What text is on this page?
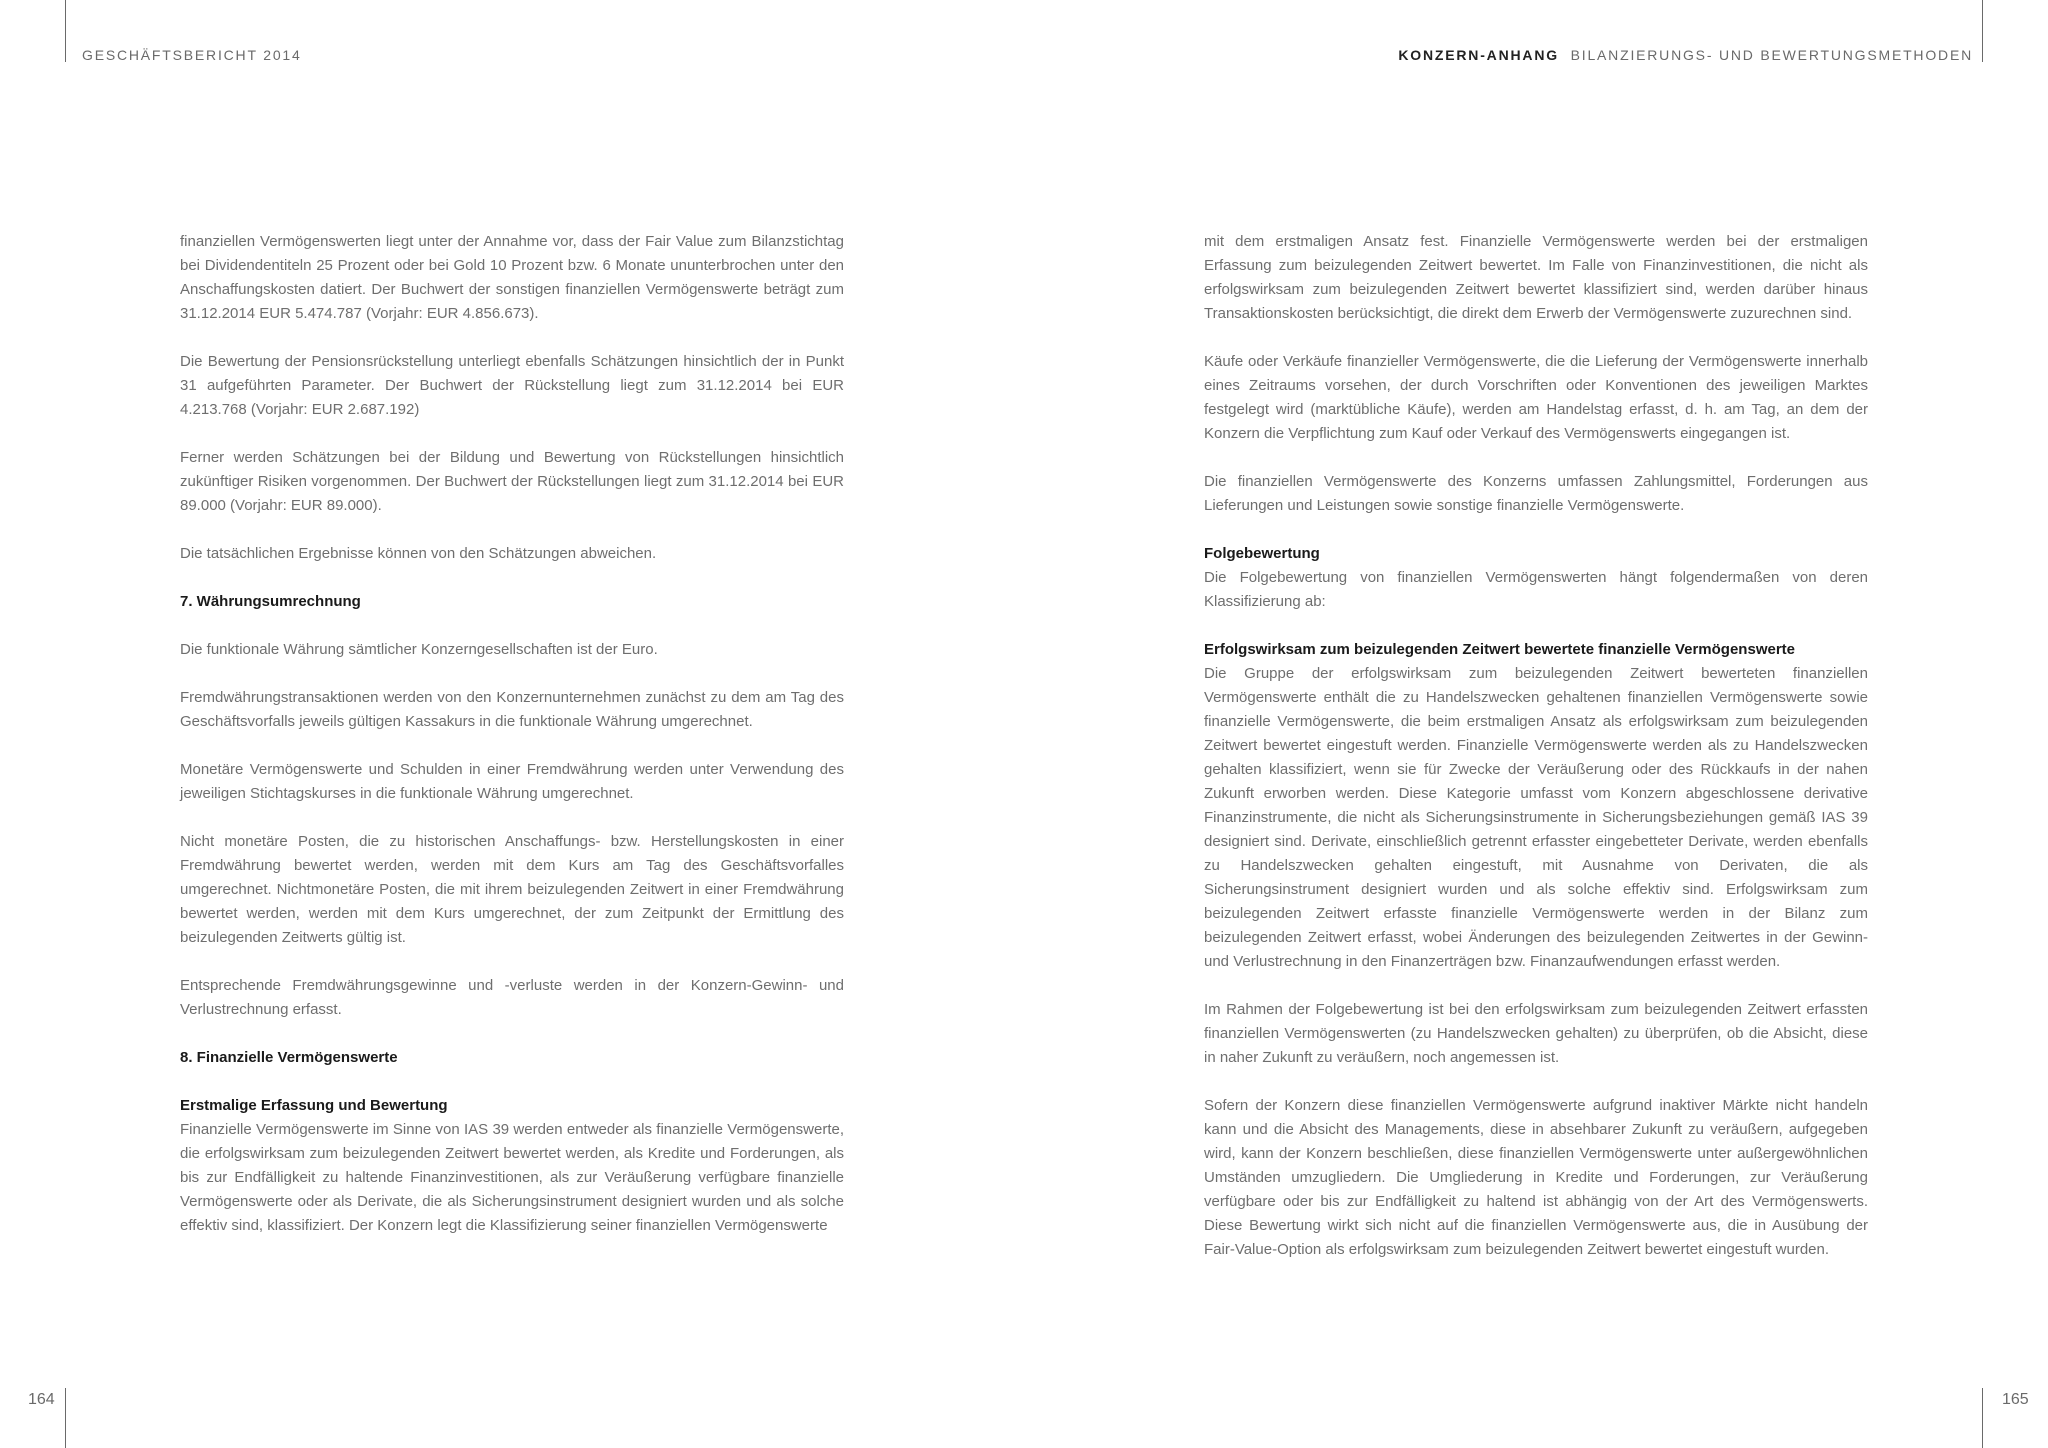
GESCHÄFTSBERICHT 2014	KONZERN-ANHANG BILANZIERUNGS- UND BEWERTUNGSMETHODEN
164	165

finanziellen Vermögenswerten liegt unter der Annahme vor, dass der Fair Value zum Bilanzstichtag bei Dividendentiteln 25 Prozent oder bei Gold 10 Prozent bzw. 6 Monate ununterbrochen unter den Anschaffungskosten datiert. Der Buchwert der sonstigen finanziellen Vermögenswerte beträgt zum 31.12.2014 EUR 5.474.787 (Vorjahr: EUR 4.856.673).

Die Bewertung der Pensionsrückstellung unterliegt ebenfalls Schätzungen hinsichtlich der in Punkt 31 aufgeführten Parameter. Der Buchwert der Rückstellung liegt zum 31.12.2014 bei EUR 4.213.768 (Vorjahr: EUR 2.687.192)

Ferner werden Schätzungen bei der Bildung und Bewertung von Rückstellungen hinsichtlich zukünftiger Risiken vorgenommen. Der Buchwert der Rückstellungen liegt zum 31.12.2014 bei EUR 89.000 (Vorjahr: EUR 89.000).

Die tatsächlichen Ergebnisse können von den Schätzungen abweichen.

7. Währungsumrechnung

Die funktionale Währung sämtlicher Konzerngesellschaften ist der Euro.

Fremdwährungstransaktionen werden von den Konzernunternehmen zunächst zu dem am Tag des Geschäftsvorfalls jeweils gültigen Kassakurs in die funktionale Währung umgerechnet.

Monetäre Vermögenswerte und Schulden in einer Fremdwährung werden unter Verwendung des jeweiligen Stichtagskurses in die funktionale Währung umgerechnet.

Nicht monetäre Posten, die zu historischen Anschaffungs- bzw. Herstellungskosten in einer Fremdwährung bewertet werden, werden mit dem Kurs am Tag des Geschäftsvorfalles umgerechnet. Nichtmonetäre Posten, die mit ihrem beizulegenden Zeitwert in einer Fremdwährung bewertet werden, werden mit dem Kurs umgerechnet, der zum Zeitpunkt der Ermittlung des beizulegenden Zeitwerts gültig ist.

Entsprechende Fremdwährungsgewinne und -verluste werden in der Konzern-Gewinn- und Verlustrechnung erfasst.

8. Finanzielle Vermögenswerte

Erstmalige Erfassung und Bewertung

Finanzielle Vermögenswerte im Sinne von IAS 39 werden entweder als finanzielle Vermögenswerte, die erfolgswirksam zum beizulegenden Zeitwert bewertet werden, als Kredite und Forderungen, als bis zur Endfälligkeit zu haltende Finanzinvestitionen, als zur Veräußerung verfügbare finanzielle Vermögenswerte oder als Derivate, die als Sicherungsinstrument designiert wurden und als solche effektiv sind, klassifiziert. Der Konzern legt die Klassifizierung seiner finanziellen Vermögenswerte

mit dem erstmaligen Ansatz fest. Finanzielle Vermögenswerte werden bei der erstmaligen Erfassung zum beizulegenden Zeitwert bewertet. Im Falle von Finanzinvestitionen, die nicht als erfolgswirksam zum beizulegenden Zeitwert bewertet klassifiziert sind, werden darüber hinaus Transaktionskosten berücksichtigt, die direkt dem Erwerb der Vermögenswerte zuzurechnen sind.

Käufe oder Verkäufe finanzieller Vermögenswerte, die die Lieferung der Vermögenswerte innerhalb eines Zeitraums vorsehen, der durch Vorschriften oder Konventionen des jeweiligen Marktes festgelegt wird (marktübliche Käufe), werden am Handelstag erfasst, d. h. am Tag, an dem der Konzern die Verpflichtung zum Kauf oder Verkauf des Vermögenswerts eingegangen ist.

Die finanziellen Vermögenswerte des Konzerns umfassen Zahlungsmittel, Forderungen aus Lieferungen und Leistungen sowie sonstige finanzielle Vermögenswerte.

Folgebewertung

Die Folgebewertung von finanziellen Vermögenswerten hängt folgendermaßen von deren Klassifizierung ab:

Erfolgswirksam zum beizulegenden Zeitwert bewertete finanzielle Vermögenswerte

Die Gruppe der erfolgswirksam zum beizulegenden Zeitwert bewerteten finanziellen Vermögenswerte enthält die zu Handelszwecken gehaltenen finanziellen Vermögenswerte sowie finanzielle Vermögenswerte, die beim erstmaligen Ansatz als erfolgswirksam zum beizulegenden Zeitwert bewertet eingestuft werden. Finanzielle Vermögenswerte werden als zu Handelszwecken gehalten klassifiziert, wenn sie für Zwecke der Veräußerung oder des Rückkaufs in der nahen Zukunft erworben werden. Diese Kategorie umfasst vom Konzern abgeschlossene derivative Finanzinstrumente, die nicht als Sicherungsinstrumente in Sicherungsbeziehungen gemäß IAS 39 designiert sind. Derivate, einschließlich getrennt erfasster eingebetteter Derivate, werden ebenfalls zu Handelszwecken gehalten eingestuft, mit Ausnahme von Derivaten, die als Sicherungsinstrument designiert wurden und als solche effektiv sind. Erfolgswirksam zum beizulegenden Zeitwert erfasste finanzielle Vermögenswerte werden in der Bilanz zum beizulegenden Zeitwert erfasst, wobei Änderungen des beizulegenden Zeitwertes in der Gewinn- und Verlustrechnung in den Finanzerträgen bzw. Finanzaufwendungen erfasst werden.

Im Rahmen der Folgebewertung ist bei den erfolgswirksam zum beizulegenden Zeitwert erfassten finanziellen Vermögenswerten (zu Handelszwecken gehalten) zu überprüfen, ob die Absicht, diese in naher Zukunft zu veräußern, noch angemessen ist.

Sofern der Konzern diese finanziellen Vermögenswerte aufgrund inaktiver Märkte nicht handeln kann und die Absicht des Managements, diese in absehbarer Zukunft zu veräußern, aufgegeben wird, kann der Konzern beschließen, diese finanziellen Vermögenswerte unter außergewöhnlichen Umständen umzugliedern. Die Umgliederung in Kredite und Forderungen, zur Veräußerung verfügbare oder bis zur Endfälligkeit zu haltend ist abhängig von der Art des Vermögenswerts. Diese Bewertung wirkt sich nicht auf die finanziellen Vermögenswerte aus, die in Ausübung der Fair-Value-Option als erfolgswirksam zum beizulegenden Zeitwert bewertet eingestuft wurden.
